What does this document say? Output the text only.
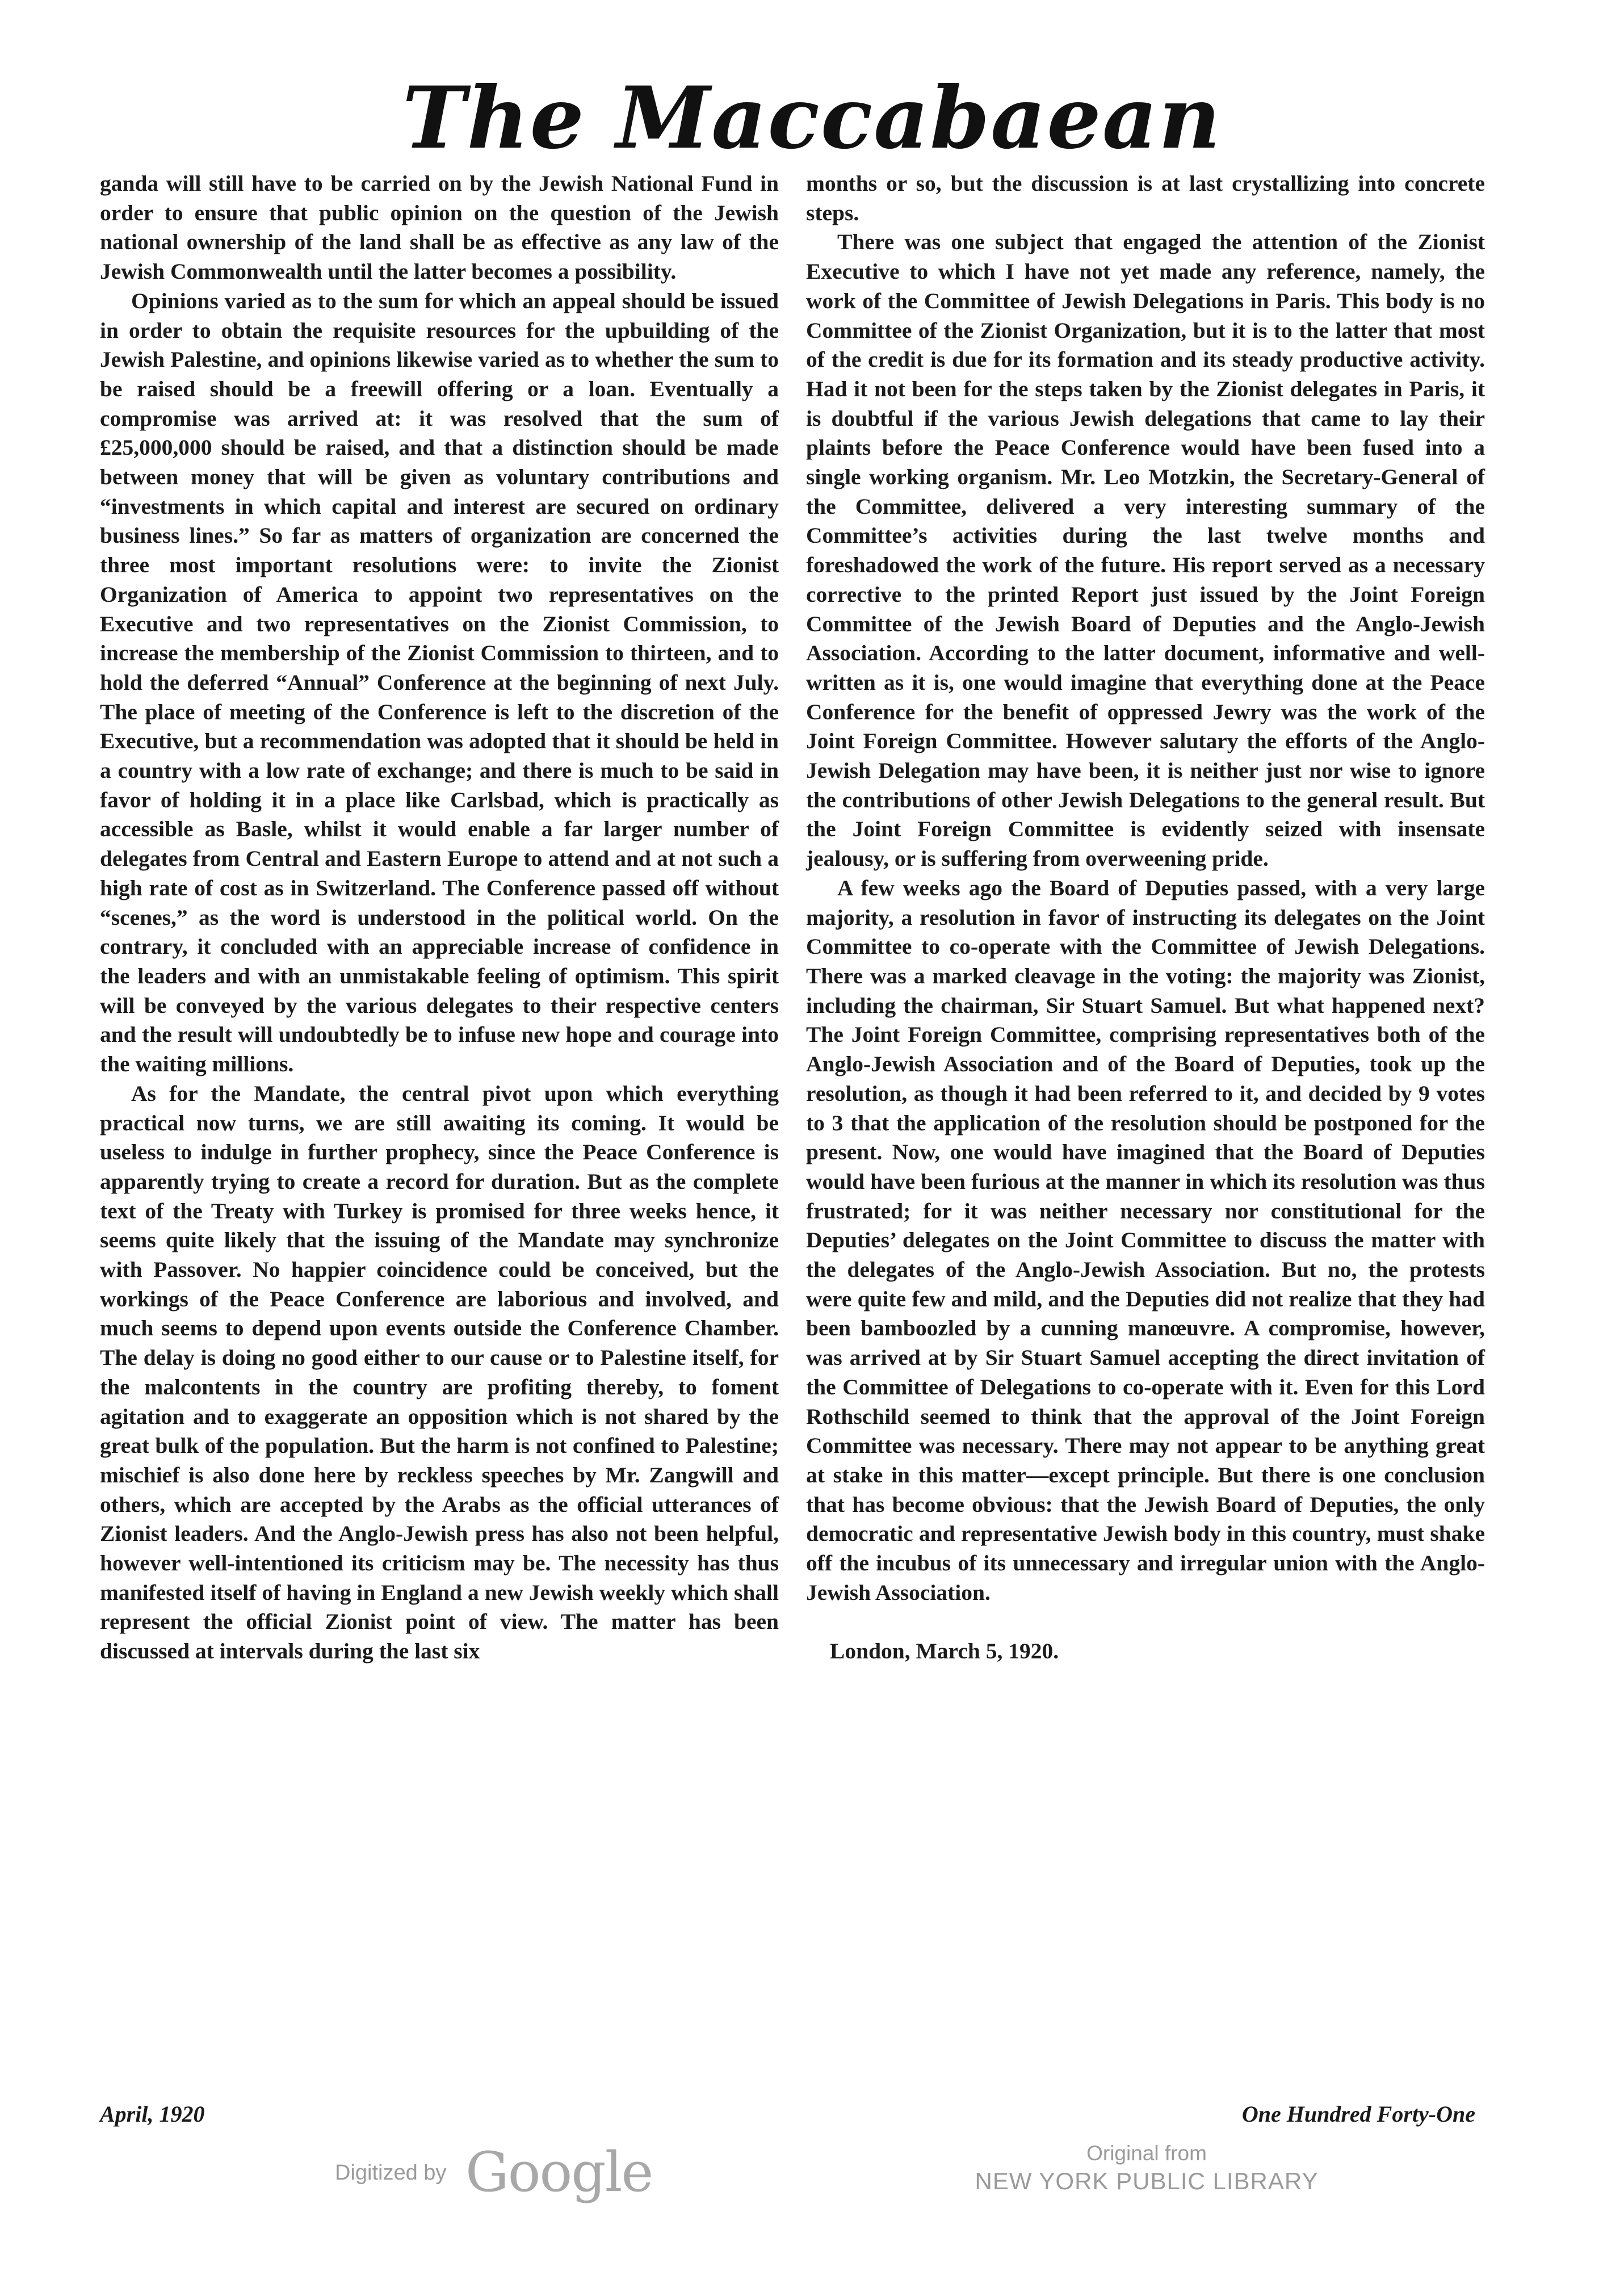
The Maccabaean

ganda will still have to be carried on by the Jewish National Fund in order to ensure that public opinion on the question of the Jewish national ownership of the land shall be as effective as any law of the Jewish Commonwealth until the latter becomes a possibility.

Opinions varied as to the sum for which an appeal should be issued in order to obtain the requisite resources for the upbuilding of the Jewish Palestine, and opinions likewise varied as to whether the sum to be raised should be a freewill offering or a loan. Eventually a compromise was arrived at: it was resolved that the sum of £25,000,000 should be raised, and that a distinction should be made between money that will be given as voluntary contributions and “investments in which capital and interest are secured on ordinary business lines.” So far as matters of organization are concerned the three most important resolutions were: to invite the Zionist Organization of America to appoint two representatives on the Executive and two representatives on the Zionist Commission, to increase the membership of the Zionist Commission to thirteen, and to hold the deferred “Annual” Conference at the beginning of next July. The place of meeting of the Conference is left to the discretion of the Executive, but a recommendation was adopted that it should be held in a country with a low rate of exchange; and there is much to be said in favor of holding it in a place like Carlsbad, which is practically as accessible as Basle, whilst it would enable a far larger number of delegates from Central and Eastern Europe to attend and at not such a high rate of cost as in Switzerland. The Conference passed off without “scenes,” as the word is understood in the political world. On the contrary, it concluded with an appreciable increase of confidence in the leaders and with an unmistakable feeling of optimism. This spirit will be conveyed by the various delegates to their respective centers and the result will undoubtedly be to infuse new hope and courage into the waiting millions.

As for the Mandate, the central pivot upon which everything practical now turns, we are still awaiting its coming. It would be useless to indulge in further prophecy, since the Peace Conference is apparently trying to create a record for duration. But as the complete text of the Treaty with Turkey is promised for three weeks hence, it seems quite likely that the issuing of the Mandate may synchronize with Passover. No happier coincidence could be conceived, but the workings of the Peace Conference are laborious and involved, and much seems to depend upon events outside the Conference Chamber. The delay is doing no good either to our cause or to Palestine itself, for the malcontents in the country are profiting thereby, to foment agitation and to exaggerate an opposition which is not shared by the great bulk of the population. But the harm is not confined to Palestine; mischief is also done here by reckless speeches by Mr. Zangwill and others, which are accepted by the Arabs as the official utterances of Zionist leaders. And the Anglo-Jewish press has also not been helpful, however well-intentioned its criticism may be. The necessity has thus manifested itself of having in England a new Jewish weekly which shall represent the official Zionist point of view. The matter has been discussed at intervals during the last six

months or so, but the discussion is at last crystallizing into concrete steps.

There was one subject that engaged the attention of the Zionist Executive to which I have not yet made any reference, namely, the work of the Committee of Jewish Delegations in Paris. This body is no Committee of the Zionist Organization, but it is to the latter that most of the credit is due for its formation and its steady productive activity. Had it not been for the steps taken by the Zionist delegates in Paris, it is doubtful if the various Jewish delegations that came to lay their plaints before the Peace Conference would have been fused into a single working organism. Mr. Leo Motzkin, the Secretary-General of the Committee, delivered a very interesting summary of the Committee’s activities during the last twelve months and foreshadowed the work of the future. His report served as a necessary corrective to the printed Report just issued by the Joint Foreign Committee of the Jewish Board of Deputies and the Anglo-Jewish Association. According to the latter document, informative and well-written as it is, one would imagine that everything done at the Peace Conference for the benefit of oppressed Jewry was the work of the Joint Foreign Committee. However salutary the efforts of the Anglo-Jewish Delegation may have been, it is neither just nor wise to ignore the contributions of other Jewish Delegations to the general result. But the Joint Foreign Committee is evidently seized with insensate jealousy, or is suffering from overweening pride.

A few weeks ago the Board of Deputies passed, with a very large majority, a resolution in favor of instructing its delegates on the Joint Committee to co-operate with the Committee of Jewish Delegations. There was a marked cleavage in the voting: the majority was Zionist, including the chairman, Sir Stuart Samuel. But what happened next? The Joint Foreign Committee, comprising representatives both of the Anglo-Jewish Association and of the Board of Deputies, took up the resolution, as though it had been referred to it, and decided by 9 votes to 3 that the application of the resolution should be postponed for the present. Now, one would have imagined that the Board of Deputies would have been furious at the manner in which its resolution was thus frustrated; for it was neither necessary nor constitutional for the Deputies’ delegates on the Joint Committee to discuss the matter with the delegates of the Anglo-Jewish Association. But no, the protests were quite few and mild, and the Deputies did not realize that they had been bamboozled by a cunning manœuvre. A compromise, however, was arrived at by Sir Stuart Samuel accepting the direct invitation of the Committee of Delegations to co-operate with it. Even for this Lord Rothschild seemed to think that the approval of the Joint Foreign Committee was necessary. There may not appear to be anything great at stake in this matter—except principle. But there is one conclusion that has become obvious: that the Jewish Board of Deputies, the only democratic and representative Jewish body in this country, must shake off the incubus of its unnecessary and irregular union with the Anglo-Jewish Association.

London, March 5, 1920.

April, 1920	One Hundred Forty-One
Digitized by Google	Original from
NEW YORK PUBLIC LIBRARY
